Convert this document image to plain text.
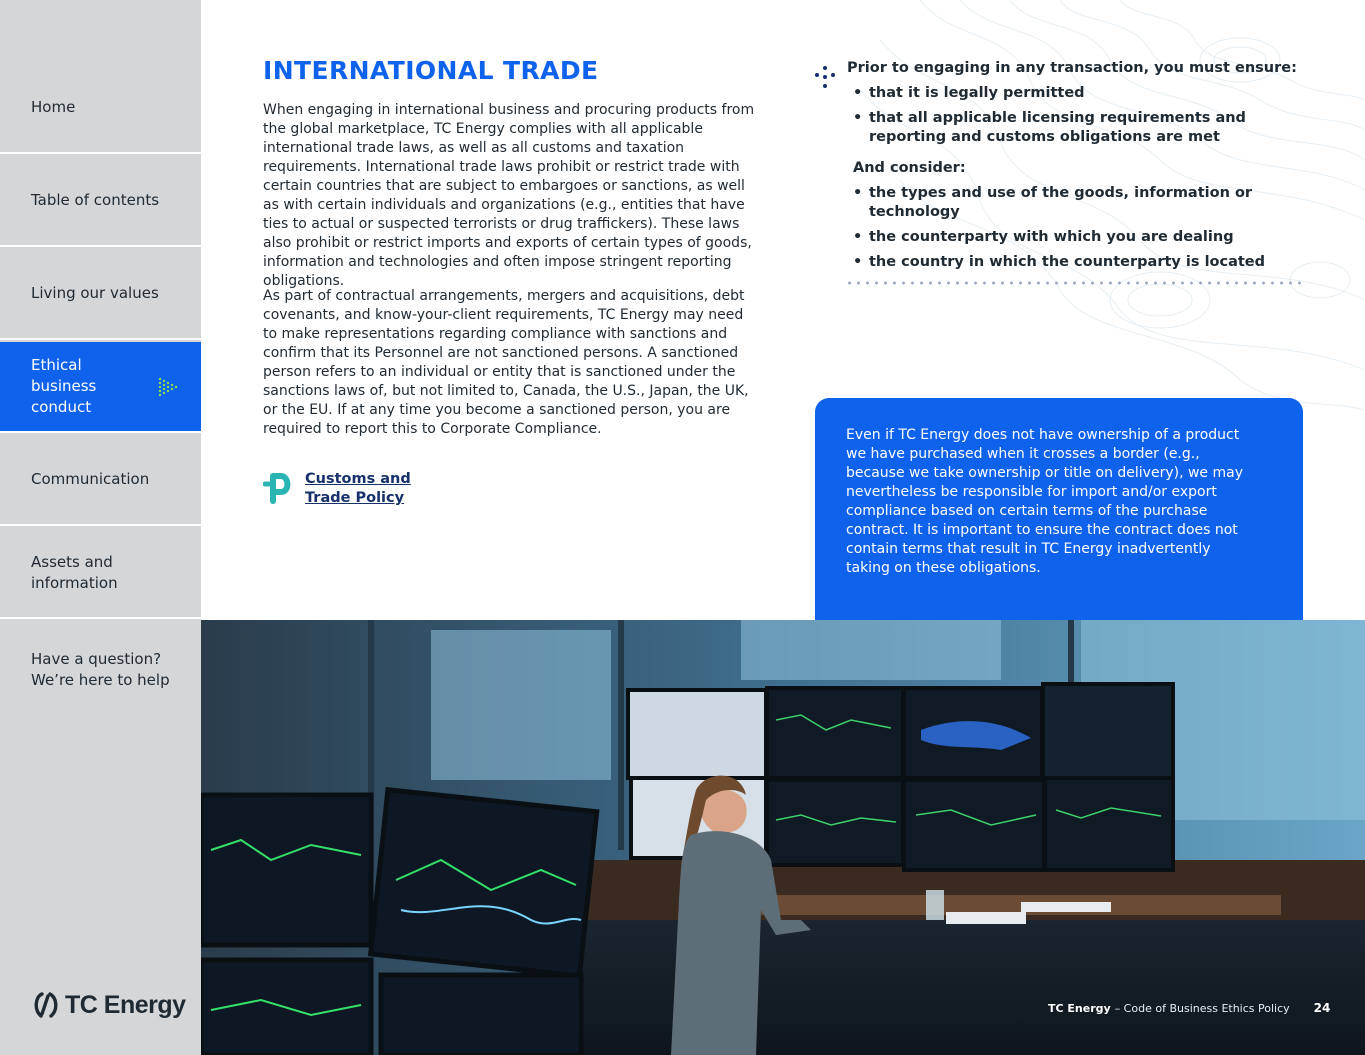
Home
Table of contents
Living our values
Ethical business conduct
Communication
Assets and information
Have a question? We’re here to help
TC Energy
INTERNATIONAL TRADE

When engaging in international business and procuring products from the global marketplace, TC Energy complies with all applicable international trade laws, as well as all customs and taxation requirements. International trade laws prohibit or restrict trade with certain countries that are subject to embargoes or sanctions, as well as with certain individuals and organizations (e.g., entities that have ties to actual or suspected terrorists or drug traffickers). These laws also prohibit or restrict imports and exports of certain types of goods, information and technologies and often impose stringent reporting obligations.

As part of contractual arrangements, mergers and acquisitions, debt covenants, and know-your-client requirements, TC Energy may need to make representations regarding compliance with sanctions and confirm that its Personnel are not sanctioned persons. A sanctioned person refers to an individual or entity that is sanctioned under the sanctions laws of, but not limited to, Canada, the U.S., Japan, the UK, or the EU. If at any time you become a sanctioned person, you are required to report this to Corporate Compliance.

Customs and
Trade Policy

Prior to engaging in any transaction, you must ensure:

• that it is legally permitted
• that all applicable licensing requirements and reporting and customs obligations are met

And consider:

• the types and use of the goods, information or technology
• the counterparty with which you are dealing
• the country in which the counterparty is located

Even if TC Energy does not have ownership of a product we have purchased when it crosses a border (e.g., because we take ownership or title on delivery), we may nevertheless be responsible for import and/or export compliance based on certain terms of the purchase contract. It is important to ensure the contract does not contain terms that result in TC Energy inadvertently taking on these obligations.

TC Energy – Code of Business Ethics Policy 24
